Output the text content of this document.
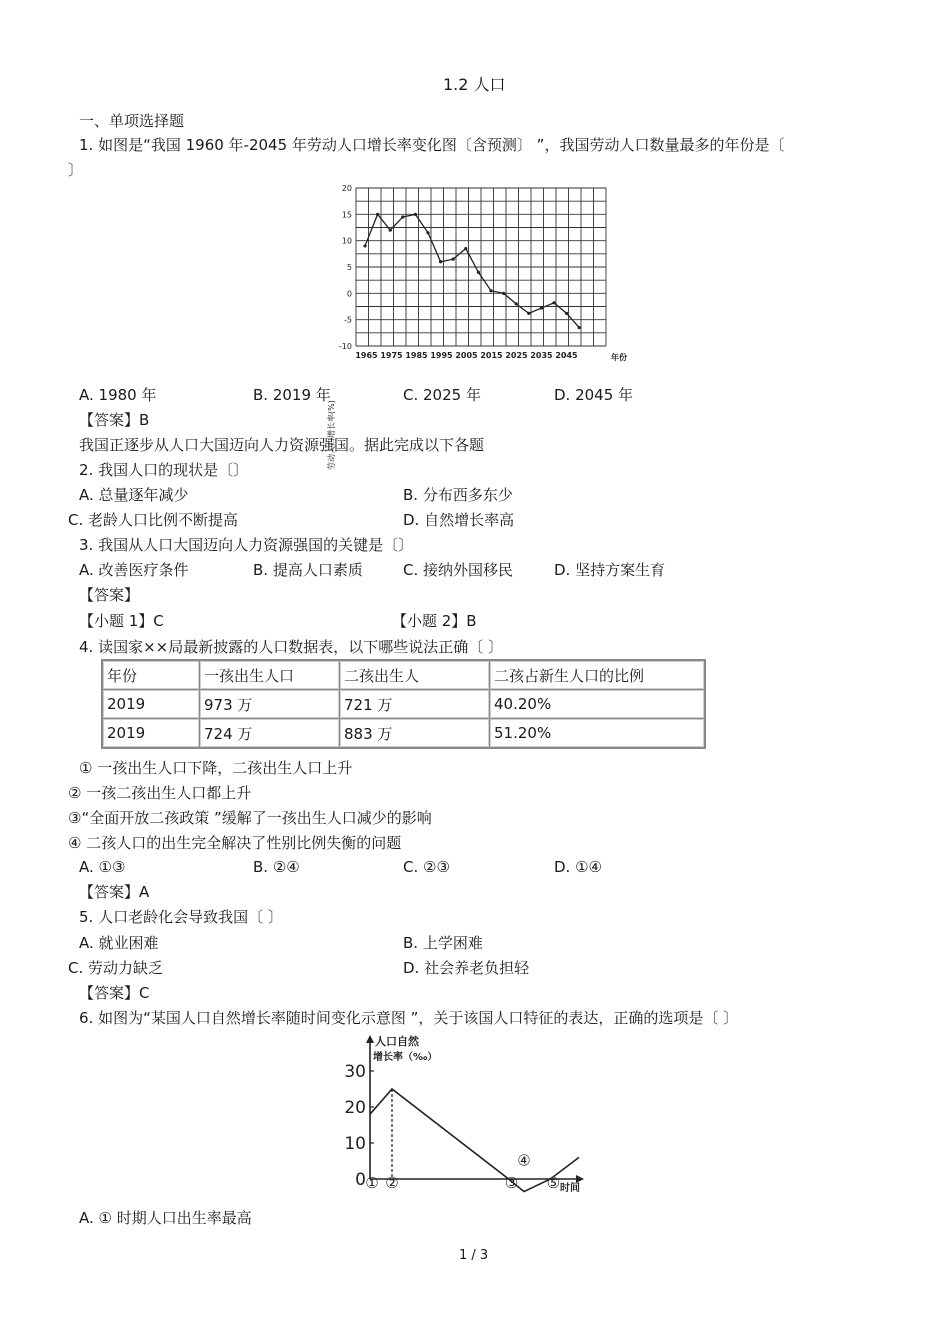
1.2 人口
一、单项选择题
1. 如图是“我国 1960 年-2045 年劳动人口增长率变化图〔含预测〕 ”，我国劳动人口数量最多的年份是〔
〕
20
15
10
5
0
-5
-10
1965 1975 1985 1995 2005 2015 2025 2035 2045
劳动人口增长率(%)
年份
A. 1980 年	B. 2019 年	C. 2025 年	D. 2045 年
【答案】B
我国正逐步从人口大国迈向人力资源强国。据此完成以下各题
2. 我国人口的现状是〔〕
A. 总量逐年减少	B. 分布西多东少
C. 老龄人口比例不断提高	D. 自然增长率高
3. 我国从人口大国迈向人力资源强国的关键是〔〕
A. 改善医疗条件	B. 提高人口素质	C. 接纳外国移民	D. 坚持方案生育
【答案】
【小题 1】C	【小题 2】B
4. 读国家××局最新披露的人口数据表，以下哪些说法正确〔 〕
年份	一孩出生人口	二孩出生人	二孩占新生人口的比例
2019	973 万	721 万	40.20%
2019	724 万	883 万	51.20%
① 一孩出生人口下降，二孩出生人口上升
② 一孩二孩出生人口都上升
③“全面开放二孩政策 ”缓解了一孩出生人口减少的影响
④ 二孩人口的出生完全解决了性别比例失衡的问题
A. ①③	B. ②④	C. ②③	D. ①④
【答案】A
5. 人口老龄化会导致我国〔 〕
A. 就业困难	B. 上学困难
C. 劳动力缺乏	D. 社会养老负担轻
【答案】C
6. 如图为“某国人口自然增长率随时间变化示意图 ”，关于该国人口特征的表达，正确的选项是〔 〕
人口自然
增长率（‰）
时间
30
20
10
0 ① ②	③
④
⑤
A. ① 时期人口出生率最高
1 / 3
